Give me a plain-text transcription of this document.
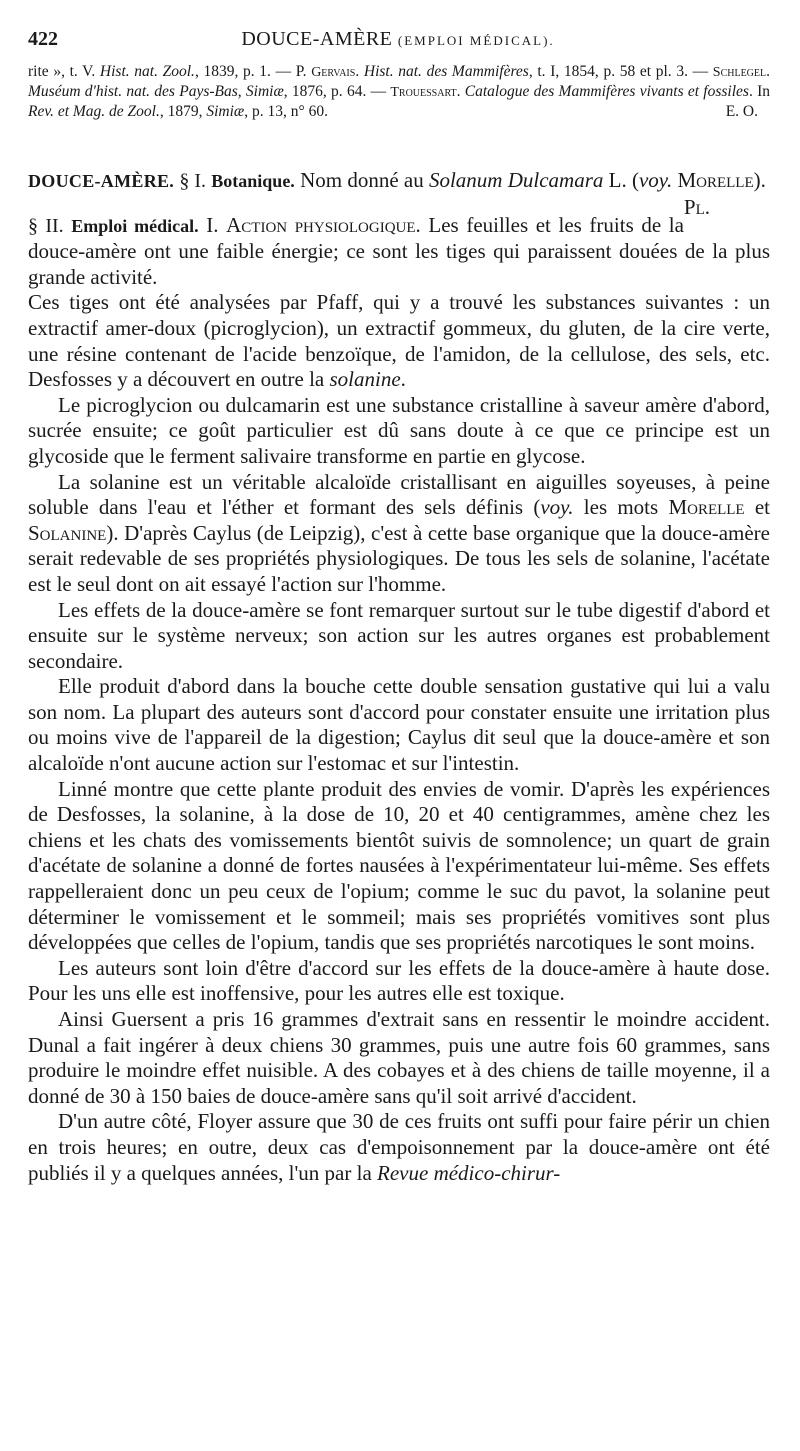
422	DOUCE-AMÈRE (EMPLOI MÉDICAL).
rite », t. V. Hist. nat. Zool., 1839, p. 1. — P. Gervais. Hist. nat. des Mammifères, t. I, 1854, p. 58 et pl. 3. — Schlegel. Muséum d'hist. nat. des Pays-Bas, Simiæ, 1876, p. 64. — Trouessart. Catalogue des Mammifères vivants et fossiles. In Rev. et Mag. de Zool., 1879, Simiæ, p. 13, n° 60.	E. O.

DOUCE-AMÈRE. § I. Botanique. Nom donné au Solanum Dulcamara L. (voy. Morelle).
Pl.

§ II. Emploi médical. I. Action physiologique. Les feuilles et les fruits de la douce-amère ont une faible énergie; ce sont les tiges qui paraissent douées de la plus grande activité.

Ces tiges ont été analysées par Pfaff, qui y a trouvé les substances suivantes : un extractif amer-doux (picroglycion), un extractif gommeux, du gluten, de la cire verte, une résine contenant de l'acide benzoïque, de l'amidon, de la cellulose, des sels, etc. Desfosses y a découvert en outre la solanine.

Le picroglycion ou dulcamarin est une substance cristalline à saveur amère d'abord, sucrée ensuite; ce goût particulier est dû sans doute à ce que ce principe est un glycoside que le ferment salivaire transforme en partie en glycose.

La solanine est un véritable alcaloïde cristallisant en aiguilles soyeuses, à peine soluble dans l'eau et l'éther et formant des sels définis (voy. les mots Morelle et Solanine). D'après Caylus (de Leipzig), c'est à cette base organique que la douce-amère serait redevable de ses propriétés physiologiques. De tous les sels de solanine, l'acétate est le seul dont on ait essayé l'action sur l'homme.

Les effets de la douce-amère se font remarquer surtout sur le tube digestif d'abord et ensuite sur le système nerveux; son action sur les autres organes est probablement secondaire.

Elle produit d'abord dans la bouche cette double sensation gustative qui lui a valu son nom. La plupart des auteurs sont d'accord pour constater ensuite une irritation plus ou moins vive de l'appareil de la digestion; Caylus dit seul que la douce-amère et son alcaloïde n'ont aucune action sur l'estomac et sur l'intestin.

Linné montre que cette plante produit des envies de vomir. D'après les expériences de Desfosses, la solanine, à la dose de 10, 20 et 40 centigrammes, amène chez les chiens et les chats des vomissements bientôt suivis de somnolence; un quart de grain d'acétate de solanine a donné de fortes nausées à l'expérimentateur lui-même. Ses effets rappelleraient donc un peu ceux de l'opium; comme le suc du pavot, la solanine peut déterminer le vomissement et le sommeil; mais ses propriétés vomitives sont plus développées que celles de l'opium, tandis que ses propriétés narcotiques le sont moins.

Les auteurs sont loin d'être d'accord sur les effets de la douce-amère à haute dose. Pour les uns elle est inoffensive, pour les autres elle est toxique.

Ainsi Guersent a pris 16 grammes d'extrait sans en ressentir le moindre accident. Dunal a fait ingérer à deux chiens 30 grammes, puis une autre fois 60 grammes, sans produire le moindre effet nuisible. A des cobayes et à des chiens de taille moyenne, il a donné de 30 à 150 baies de douce-amère sans qu'il soit arrivé d'accident.

D'un autre côté, Floyer assure que 30 de ces fruits ont suffi pour faire périr un chien en trois heures; en outre, deux cas d'empoisonnement par la douce-amère ont été publiés il y a quelques années, l'un par la Revue médico-chirur-
